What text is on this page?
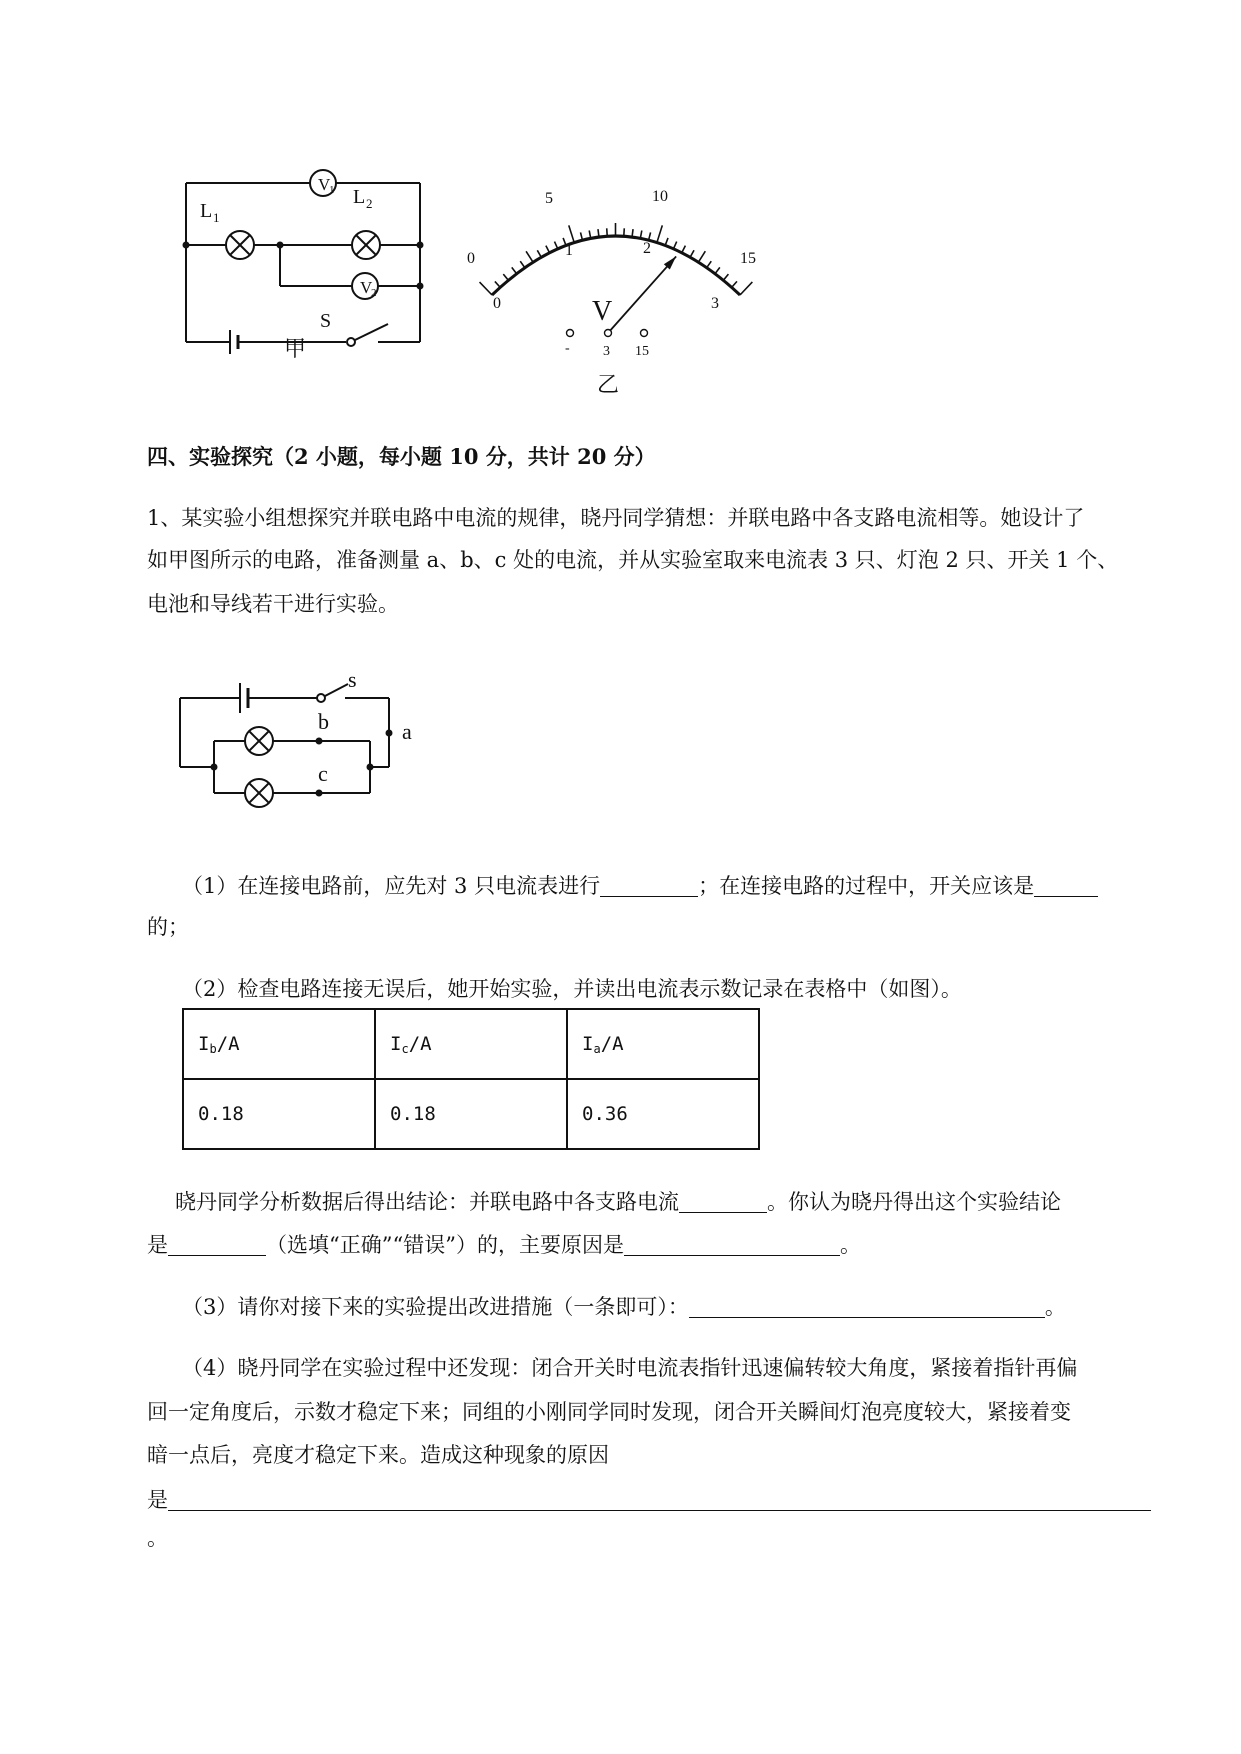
V
1
V
2
L 1
L 2
S
甲
0
5	10
15
0
1	2
3
V
- 3 15
乙
四、实验探究（2 小题，每小题 10 分，共计 20 分）
1、某实验小组想探究并联电路中电流的规律，晓丹同学猜想：并联电路中各支路电流相等。她设计了
如甲图所示的电路，准备测量 a、b、c 处的电流，并从实验室取来电流表 3 只、灯泡 2 只、开关 1 个、
电池和导线若干进行实验。
s
a
b
c
（1）在连接电路前，应先对 3 只电流表进行	；在连接电路的过程中，开关应该是
的；
（2）检查电路连接无误后，她开始实验，并读出电流表示数记录在表格中（如图）。
$I_b/A$	$I_c/A$	$I_a/A$
0.18	0.18	0.36
晓丹同学分析数据后得出结论：并联电路中各支路电流	。你认为晓丹得出这个实验结论
是	（选填“正确”“错误”）的，主要原因是	。
（3）请你对接下来的实验提出改进措施（一条即可）：	。
（4）晓丹同学在实验过程中还发现：闭合开关时电流表指针迅速偏转较大角度，紧接着指针再偏
回一定角度后，示数才稳定下来；同组的小刚同学同时发现，闭合开关瞬间灯泡亮度较大，紧接着变
暗一点后，亮度才稳定下来。造成这种现象的原因
是
。
